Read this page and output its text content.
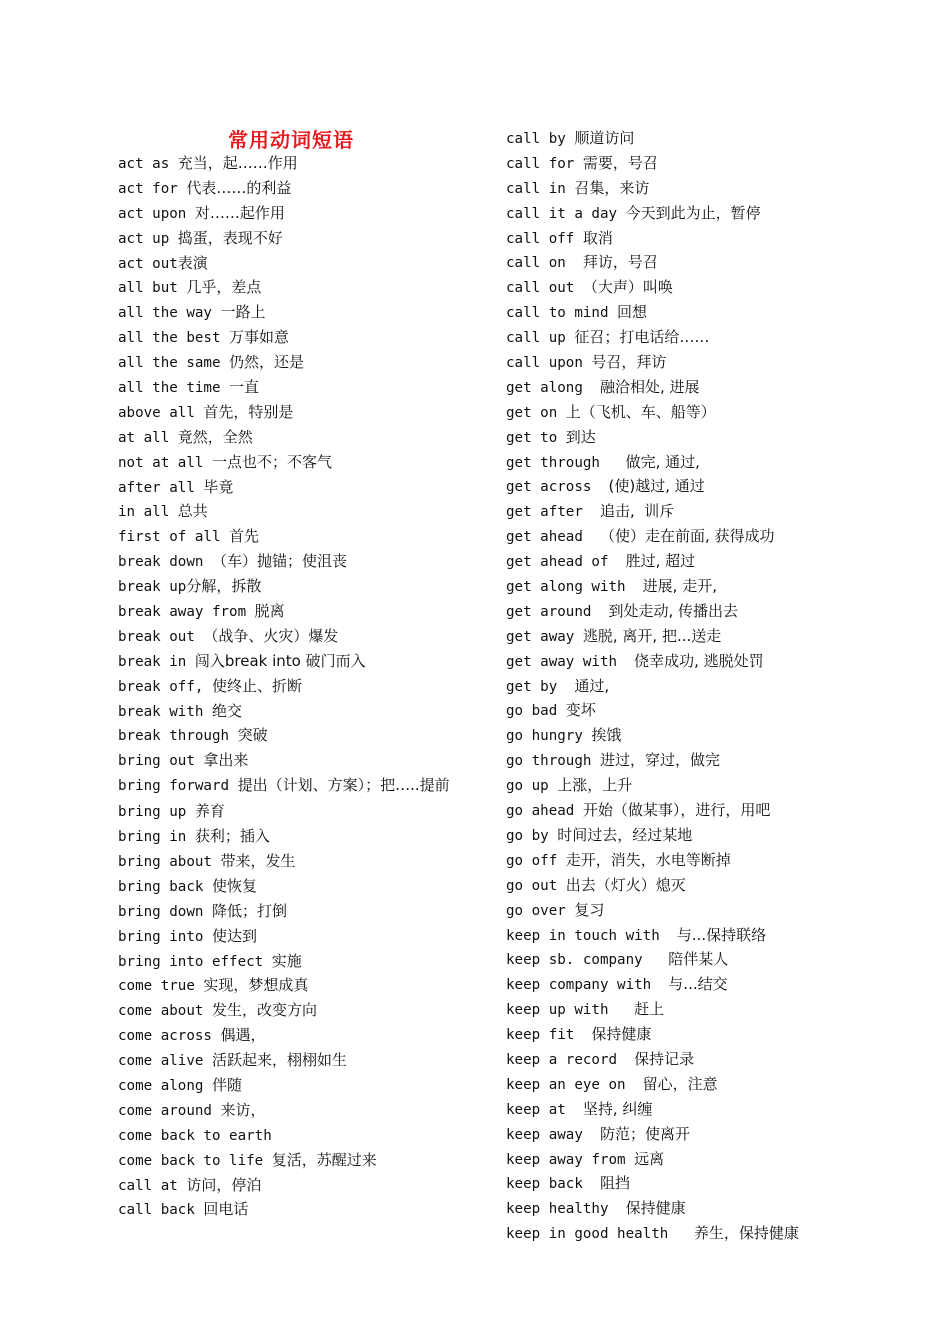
常用动词短语
act as 充当，起……作用
act for 代表……的利益
act upon 对……起作用
act up 捣蛋，表现不好
act out表演
all but 几乎，差点
all the way 一路上
all the best 万事如意
all the same 仍然，还是
all the time 一直
above all 首先，特别是
at all 竟然，全然
not at all 一点也不；不客气
after all 毕竟
in all 总共
first of all 首先
break down （车）抛锚；使沮丧
break up分解，拆散
break away from 脱离
break out （战争、火灾）爆发
break in 闯入break into 破门而入
break off, 使终止、折断
break with 绝交
break through 突破
bring out 拿出来
bring forward 提出（计划、方案）；把…..提前
bring up 养育
bring in 获利；插入
bring about 带来，发生
bring back 使恢复
bring down 降低；打倒
bring into 使达到
bring into effect 实施
come true 实现，梦想成真
come about 发生，改变方向
come across 偶遇，
come alive 活跃起来，栩栩如生
come along 伴随
come around 来访，
come back to earth
come back to life 复活，苏醒过来
call at 访问，停泊
call back 回电话
call by 顺道访问
call for 需要，号召
call in 召集，来访
call it a day 今天到此为止，暂停
call off 取消
call on  拜访，号召
call out （大声）叫唤
call to mind 回想
call up 征召；打电话给……
call upon 号召，拜访
get along  融洽相处, 进展
get on 上（飞机、车、船等）
get to 到达
get through   做完, 通过,
get across  (使)越过, 通过
get after  追击,  训斥
get ahead  （使）走在前面, 获得成功
get ahead of  胜过, 超过
get along with  进展, 走开,
get around  到处走动, 传播出去
get away 逃脱, 离开, 把...送走
get away with  侥幸成功, 逃脱处罚
get by  通过,
go bad 变坏
go hungry 挨饿
go through 进过，穿过，做完
go up 上涨，上升
go ahead 开始（做某事），进行，用吧
go by 时间过去，经过某地
go off 走开，消失，水电等断掉
go out 出去（灯火）熄灭
go over 复习
keep in touch with  与...保持联络
keep sb. company   陪伴某人
keep company with  与...结交
keep up with   赶上
keep fit  保持健康
keep a record  保持记录
keep an eye on  留心，注意
keep at  坚持, 纠缠
keep away  防范；使离开
keep away from 远离
keep back  阻挡
keep healthy  保持健康
keep in good health   养生，保持健康
